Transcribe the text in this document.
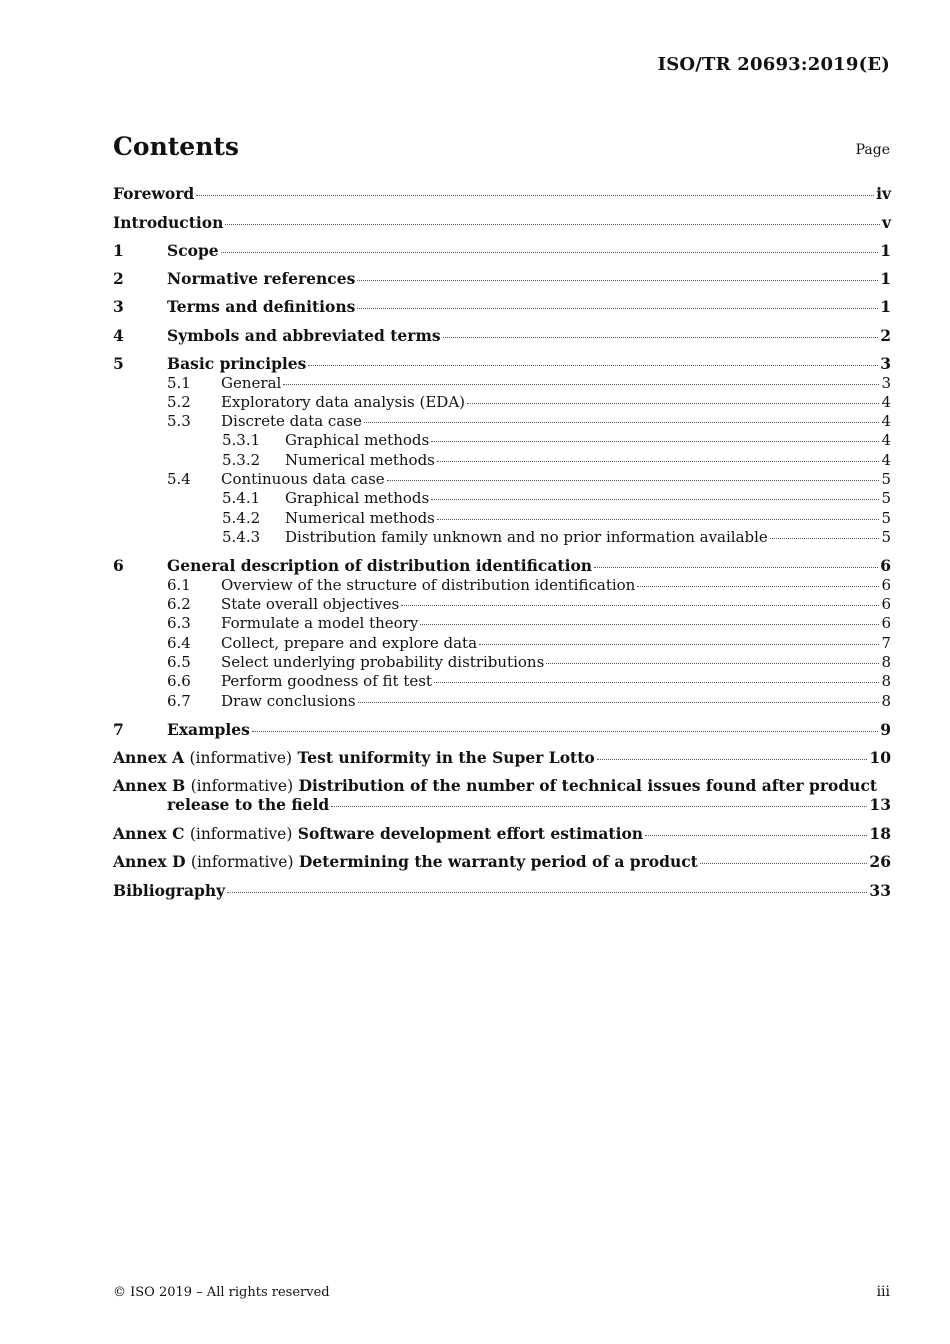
ISO/TR 20693:2019(E)
Contents	Page
Foreword	iv
Introduction	v
1	Scope	1
2	Normative references	1
3	Terms and definitions	1
4	Symbols and abbreviated terms	2
5	Basic principles	3
5.1	General	3
5.2	Exploratory data analysis (EDA)	4
5.3	Discrete data case	4
5.3.1	Graphical methods	4
5.3.2	Numerical methods	4
5.4	Continuous data case	5
5.4.1	Graphical methods	5
5.4.2	Numerical methods	5
5.4.3	Distribution family unknown and no prior information available	5
6	General description of distribution identification	6
6.1	Overview of the structure of distribution identification	6
6.2	State overall objectives	6
6.3	Formulate a model theory	6
6.4	Collect, prepare and explore data	7
6.5	Select underlying probability distributions	8
6.6	Perform goodness of fit test	8
6.7	Draw conclusions	8
7	Examples	9
Annex A (informative) Test uniformity in the Super Lotto	10
Annex B (informative) Distribution of the number of technical issues found after product
release to the field	13
Annex C (informative) Software development effort estimation	18
Annex D (informative) Determining the warranty period of a product	26
Bibliography	33
© ISO 2019 – All rights reserved	iii
